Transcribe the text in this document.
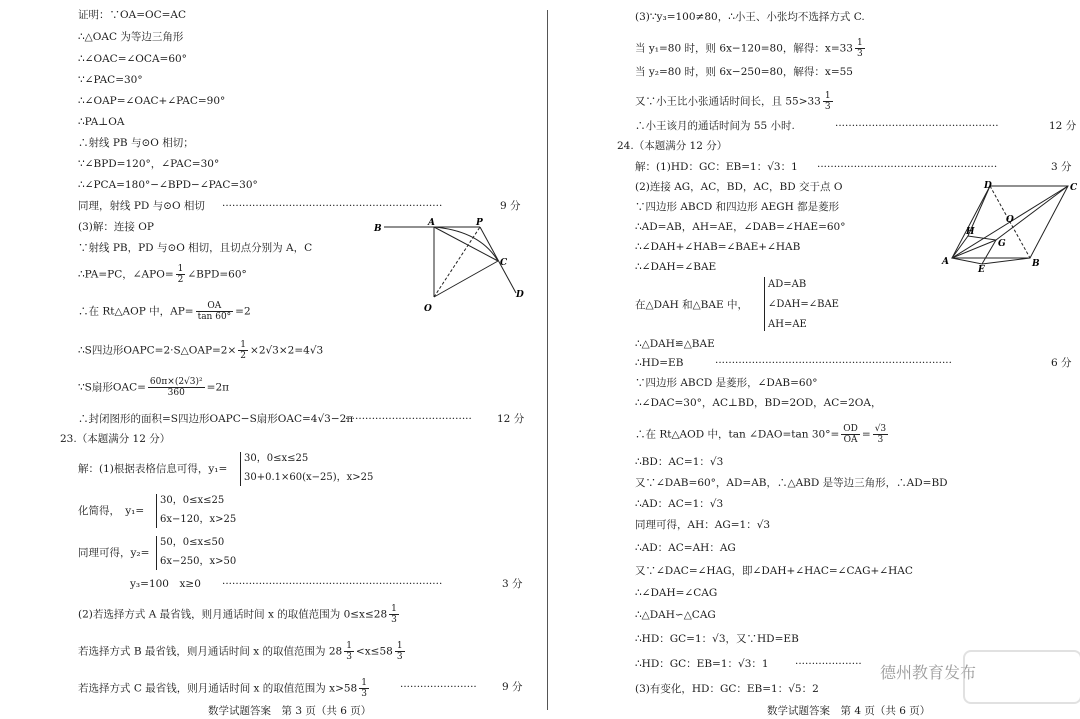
证明：∵OA=OC=AC
∴△OAC 为等边三角形
∴∠OAC=∠OCA=60°
∵∠PAC=30°
∴∠OAP=∠OAC+∠PAC=90°
∴PA⊥OA
∴射线 PB 与⊙O 相切；
∵∠BPD=120°，∠PAC=30°
∴∠PCA=180°−∠BPD−∠PAC=30°
同理，射线 PD 与⊙O 相切 ··································································	9 分
(3)解：连接 OP
∵射线 PB，PD 与⊙O 相切，且切点分别为 A，C
∴PA=PC，∠APO= $\frac{1}{2}$ ∠BPD=60°
∴在 Rt△AOP 中，$AP= \frac{OA}{\tan 60^\circ} =2$
∴S四边形OAPC=2·S△OAP=2× $\frac{1}{2} \times 2√3\times 2=4√3$
∵S扇形$OAC= \frac{\text{60π×(2√3)²}}{360} =2\pi$
∴封闭图形的面积=S四边形OAPC−S扇形OAC=4√3−2π
······································	12 分
23.（本题满分 12 分）
解：(1)根据表格信息可得，y₁=
30，0≤x≤25
30+0.1×60(x−25)，x>25
化简得，　y₁=
30，0≤x≤25
6x−120，x>25
同理可得，y₂=
50，0≤x≤50
6x−250，x>50
y₃=100　x≥0 ··································································	3 分
(2)若选择方式 A 最省钱，则月通话时间 x 的取值范围为 $0\le x\le 28 \frac{1}{3}$
若选择方式 B 最省钱，则月通话时间 x 的取值范围为 $28 \frac{1}{3} <x\le 58 \frac{1}{3}$
若选择方式 C 最省钱，则月通话时间 x 的取值范围为 $x>58 \frac{1}{3}$	·······················	9 分
数学试题答案　第 3 页（共 6 页）
B
A	P
C
O
D
(3)∵y₃=100≠80，∴小王、小张均不选择方式 C.
当 y₁=80 时，则 6x−120=80，解得：$x=33 \frac{1}{3}$
当 y₂=80 时，则 6x−250=80，解得：x=55
又∵小王比小张通话时间长，且 $55>33 \frac{1}{3}$
∴小王该月的通话时间为 55 小时.	·················································	12 分
24.（本题满分 12 分）
解：(1)HD：GC：EB=1：√3：1 ······················································	3 分
(2)连接 AG，AC，BD，AC，BD 交于点 O
∵四边形 ABCD 和四边形 AEGH 都是菱形
∴AD=AB，AH=AE，∠DAB=∠HAE=60°
∴∠DAH+∠HAB=∠BAE+∠HAB
∴∠DAH=∠BAE
在△DAH 和△BAE 中，
AD=AB
∠DAH=∠BAE
AH=AE
∴△DAH≌△BAE
∴HD=EB	·······································································	6 分
∵四边形 ABCD 是菱形，∠DAB=60°
∴∠DAC=30°，AC⊥BD，BD=2OD，AC=2OA，
∴在 Rt△AOD 中，tan ∠DAO=tan $30^\circ= \frac{OD}{OA} = \frac{√3}{3}$
∴BD：AC=1：√3
又∵∠DAB=60°，AD=AB，∴△ABD 是等边三角形，∴AD=BD
∴AD：AC=1：√3
同理可得，AH：AG=1：√3
∴AD：AC=AH：AG
又∵∠DAC=∠HAG，即∠DAH+∠HAC=∠CAG+∠HAC
∴∠DAH=∠CAG
∴△DAH∽△CAG
∴HD：GC=1：√3，又∵HD=EB
∴HD：GC：EB=1：√3：1	····················
(3)有变化，HD：GC：EB=1：√5：2
数学试题答案　第 4 页（共 6 页）
D	C
O
H
G
A
E
B
德州教育发布
